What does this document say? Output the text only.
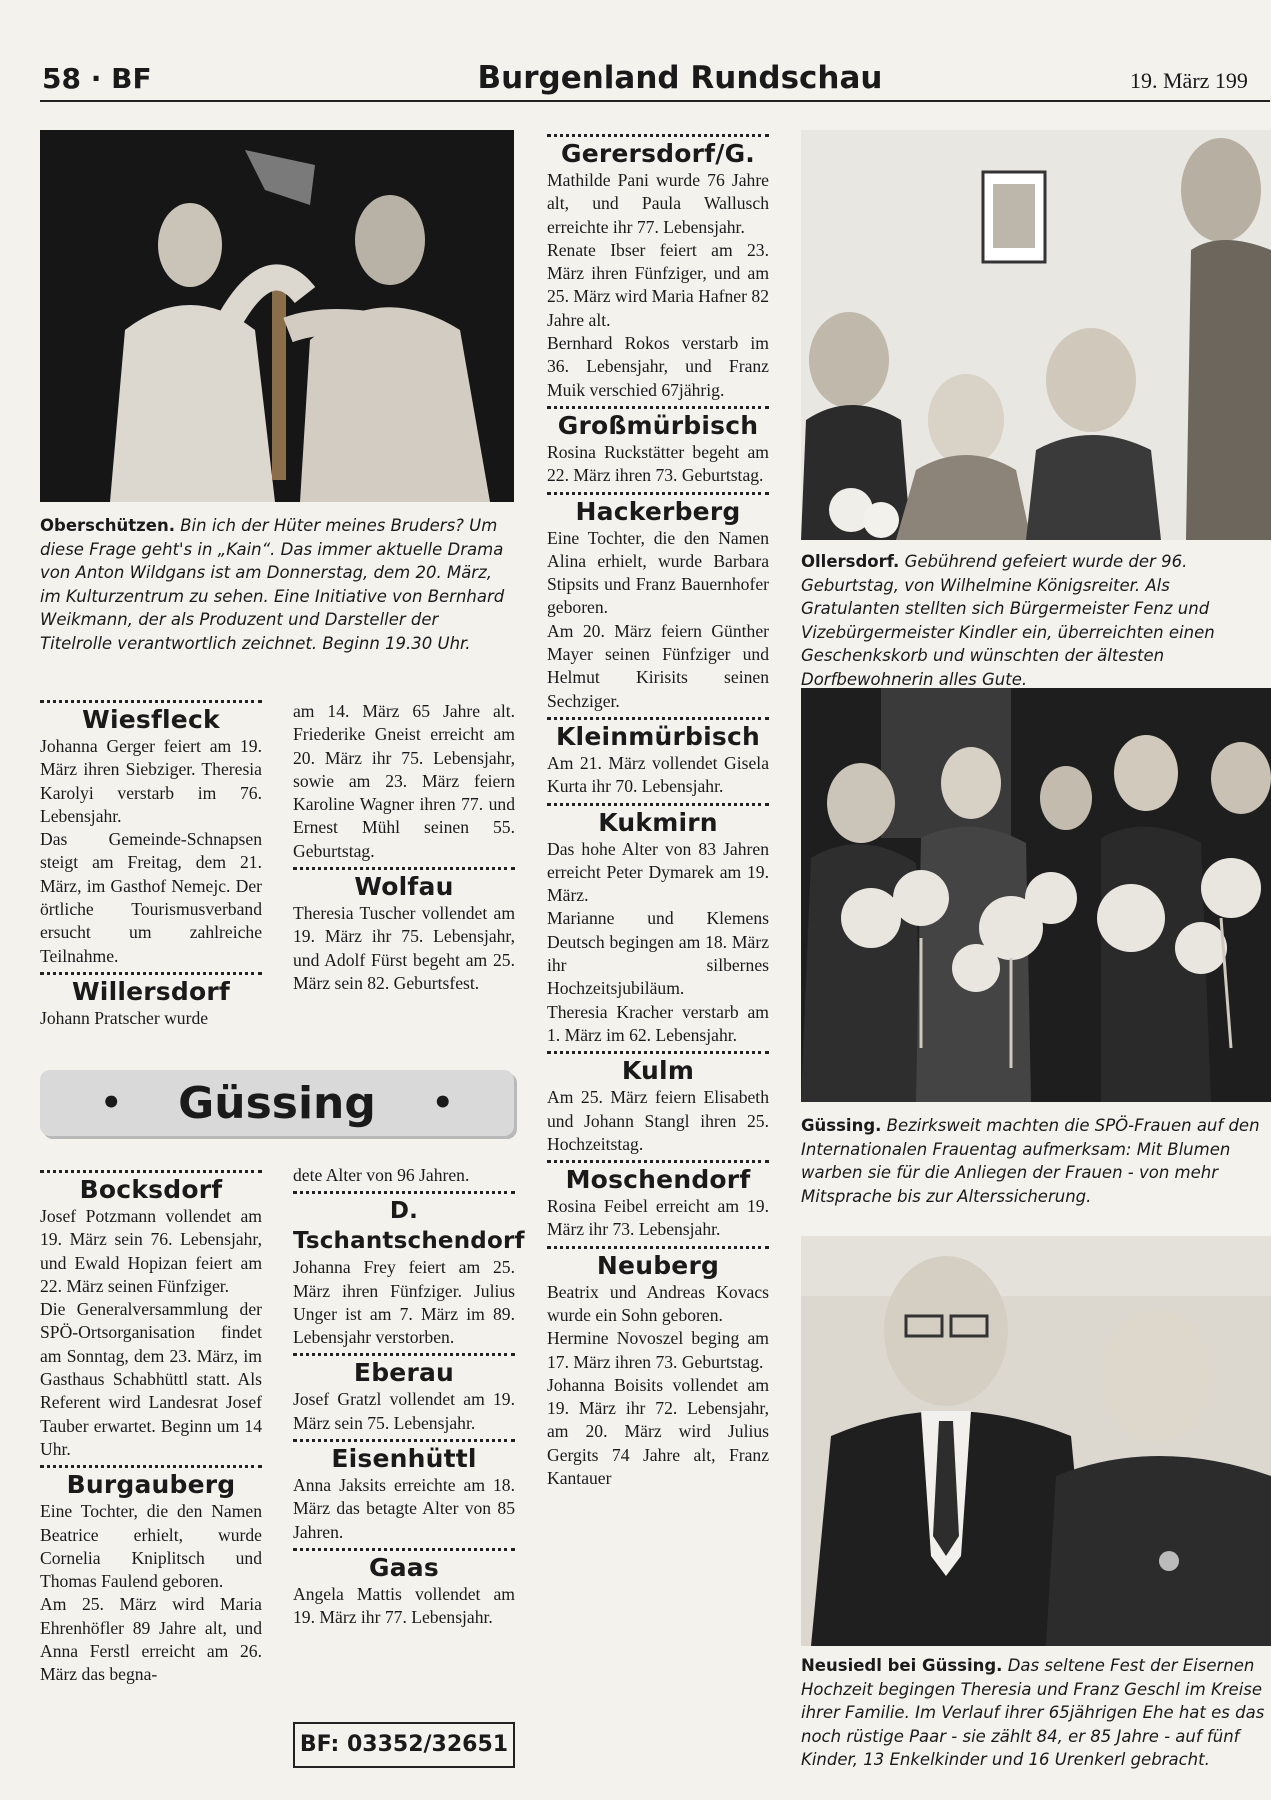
58 · BF	Burgenland Rundschau	19. März 199
Oberschützen. Bin ich der Hüter meines Bruders? Um diese Frage geht's in „Kain“. Das immer aktuelle Drama von Anton Wildgans ist am Donnerstag, dem 20. März, im Kulturzentrum zu sehen. Eine Initiative von Bernhard Weikmann, der als Produzent und Darsteller der Titelrolle verantwortlich zeichnet. Beginn 19.30 Uhr.
Wiesfleck

Johanna Gerger feiert am 19. März ihren Siebziger. Theresia Karolyi verstarb im 76. Lebensjahr.

Das Gemeinde-Schnapsen steigt am Freitag, dem 21. März, im Gasthof Nemejc. Der örtliche Tourismusverband ersucht um zahlreiche Teilnahme.

Willersdorf

Johann Pratscher wurde

am 14. März 65 Jahre alt. Friederike Gneist erreicht am 20. März ihr 75. Lebensjahr, sowie am 23. März feiern Karoline Wagner ihren 77. und Ernest Mühl seinen 55. Geburtstag.

Wolfau

Theresia Tuscher vollendet am 19. März ihr 75. Lebensjahr, und Adolf Fürst begeht am 25. März sein 82. Geburtsfest.

• Güssing •
Bocksdorf

Josef Potzmann vollendet am 19. März sein 76. Lebensjahr, und Ewald Hopizan feiert am 22. März seinen Fünfziger.

Die Generalversammlung der SPÖ-Ortsorganisation findet am Sonntag, dem 23. März, im Gasthaus Schabhüttl statt. Als Referent wird Landesrat Josef Tauber erwartet. Beginn um 14 Uhr.

Burgauberg

Eine Tochter, die den Namen Beatrice erhielt, wurde Cornelia Kniplitsch und Thomas Faulend geboren.

Am 25. März wird Maria Ehrenhöfler 89 Jahre alt, und Anna Ferstl erreicht am 26. März das begna-

dete Alter von 96 Jahren.

D. Tschantschendorf

Johanna Frey feiert am 25. März ihren Fünfziger. Julius Unger ist am 7. März im 89. Lebensjahr verstorben.

Eberau

Josef Gratzl vollendet am 19. März sein 75. Lebensjahr.

Eisenhüttl

Anna Jaksits erreichte am 18. März das betagte Alter von 85 Jahren.

Gaas

Angela Mattis vollendet am 19. März ihr 77. Lebensjahr.

BF: 03352/32651
Gerersdorf/G.

Mathilde Pani wurde 76 Jahre alt, und Paula Wallusch erreichte ihr 77. Lebensjahr.

Renate Ibser feiert am 23. März ihren Fünfziger, und am 25. März wird Maria Hafner 82 Jahre alt.

Bernhard Rokos verstarb im 36. Lebensjahr, und Franz Muik verschied 67jährig.

Großmürbisch

Rosina Ruckstätter begeht am 22. März ihren 73. Geburtstag.

Hackerberg

Eine Tochter, die den Namen Alina erhielt, wurde Barbara Stipsits und Franz Bauernhofer geboren.

Am 20. März feiern Günther Mayer seinen Fünfziger und Helmut Kirisits seinen Sechziger.

Kleinmürbisch

Am 21. März vollendet Gisela Kurta ihr 70. Lebensjahr.

Kukmirn

Das hohe Alter von 83 Jahren erreicht Peter Dymarek am 19. März.

Marianne und Klemens Deutsch begingen am 18. März ihr silbernes Hochzeitsjubiläum.

Theresia Kracher verstarb am 1. März im 62. Lebensjahr.

Kulm

Am 25. März feiern Elisabeth und Johann Stangl ihren 25. Hochzeitstag.

Moschendorf

Rosina Feibel erreicht am 19. März ihr 73. Lebensjahr.

Neuberg

Beatrix und Andreas Kovacs wurde ein Sohn geboren.

Hermine Novoszel beging am 17. März ihren 73. Geburtstag.

Johanna Boisits vollendet am 19. März ihr 72. Lebensjahr, am 20. März wird Julius Gergits 74 Jahre alt, Franz Kantauer

Ollersdorf. Gebührend gefeiert wurde der 96. Geburtstag, von Wilhelmine Königsreiter. Als Gratulanten stellten sich Bürgermeister Fenz und Vizebürgermeister Kindler ein, überreichten einen Geschenkskorb und wünschten der ältesten Dorfbewohnerin alles Gute.
Güssing. Bezirksweit machten die SPÖ-Frauen auf den Internationalen Frauentag aufmerksam: Mit Blumen warben sie für die Anliegen der Frauen - von mehr Mitsprache bis zur Alterssicherung.
Neusiedl bei Güssing. Das seltene Fest der Eisernen Hochzeit begingen Theresia und Franz Geschl im Kreise ihrer Familie. Im Verlauf ihrer 65jährigen Ehe hat es das noch rüstige Paar - sie zählt 84, er 85 Jahre - auf fünf Kinder, 13 Enkelkinder und 16 Urenkerl gebracht.
